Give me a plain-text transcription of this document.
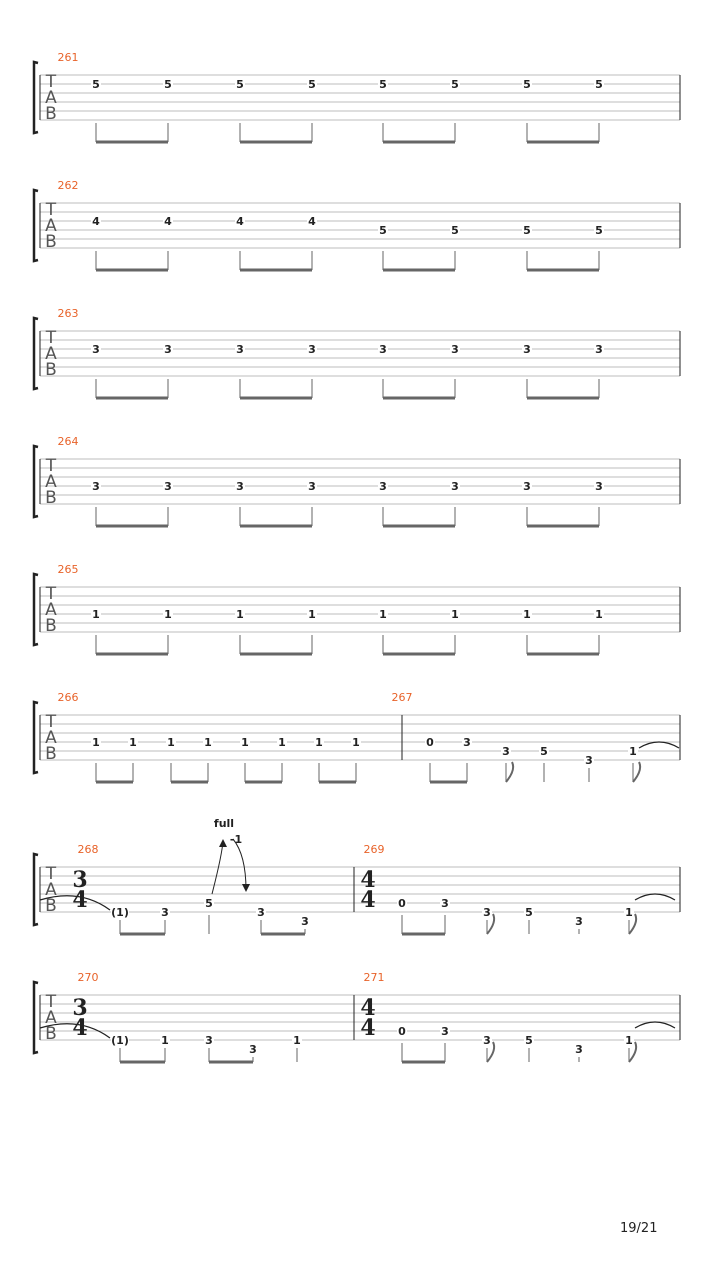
T
A
B
261
5	5	5	5	5	5	5	5
T
A
B
262
4	4	4	4
5	5	5	5
T
A
B
263
3	3	3	3	3	3	3	3
T
A
B
264
3	3	3	3	3	3	3	3
T
A
B
265
1	1	1	1	1	1	1	1
T
A
B
266
1	1	1	1	1	1	1	1
267
0	3
3	5
3
1
T
A
B
268
3
4 (1)	3
5
3
3
269
4
4 0	3
3	5
3
1
full
-1
T
A
B
270
3
4 (1)	1	3
3
1
271
4
4 0	3
3	5
3
1
19/21
